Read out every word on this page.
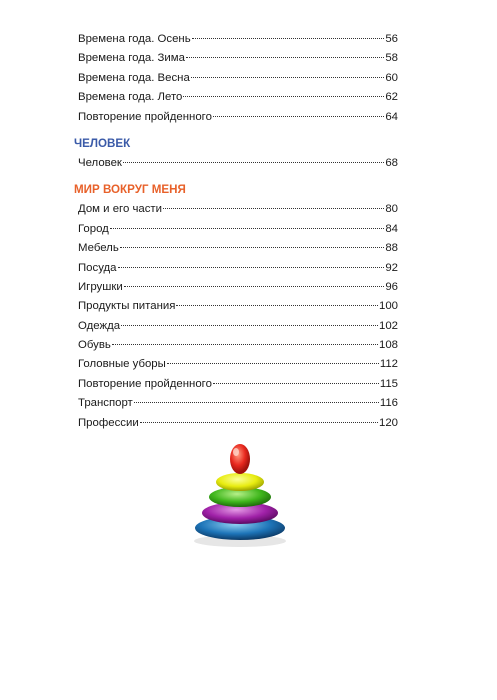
Времена года. Осень	56
Времена года. Зима	58
Времена года. Весна	60
Времена года. Лето	62
Повторение пройденного	64
ЧЕЛОВЕК
Человек	68
МИР ВОКРУГ МЕНЯ
Дом и его части	80
Город	84
Мебель	88
Посуда	92
Игрушки	96
Продукты питания	100
Одежда	102
Обувь	108
Головные уборы	112
Повторение пройденного	115
Транспорт	116
Профессии	120
